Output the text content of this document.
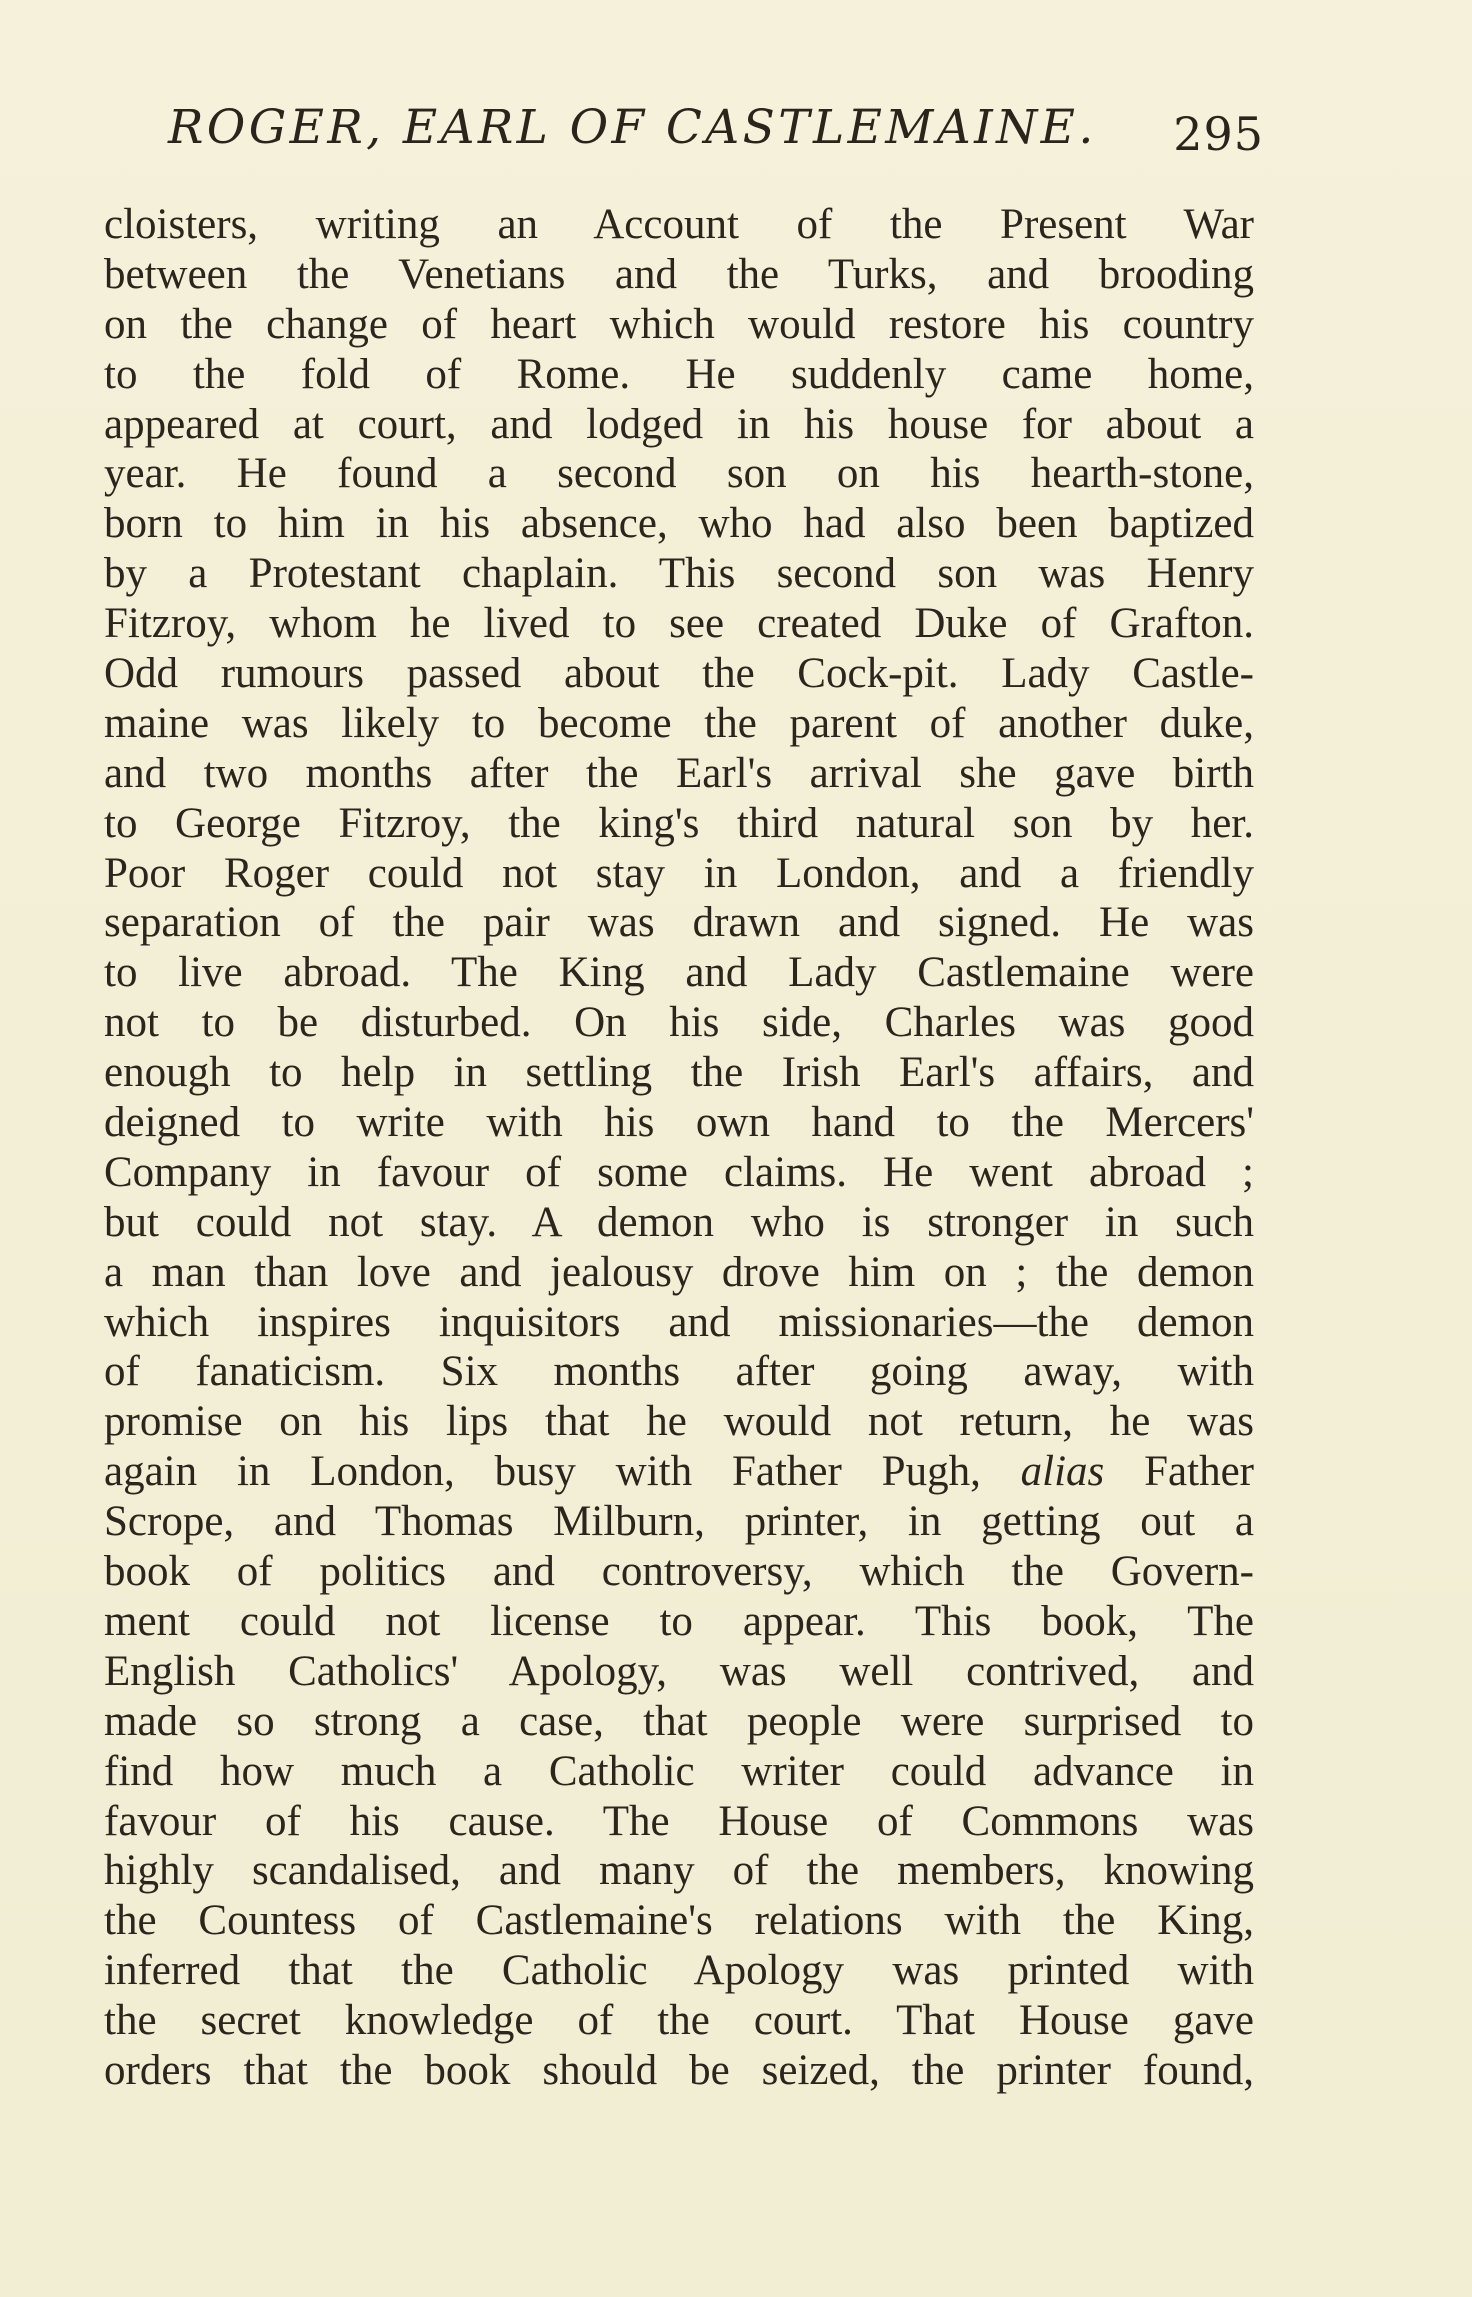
ROGER, EARL OF CASTLEMAINE. 295
cloisters, writing an Account of the Present War
between the Venetians and the Turks, and brooding
on the change of heart which would restore his country
to the fold of Rome. He suddenly came home,
appeared at court, and lodged in his house for about a
year. He found a second son on his hearth-stone,
born to him in his absence, who had also been baptized
by a Protestant chaplain. This second son was Henry
Fitzroy, whom he lived to see created Duke of Grafton.
Odd rumours passed about the Cock-pit. Lady Castle-
maine was likely to become the parent of another duke,
and two months after the Earl's arrival she gave birth
to George Fitzroy, the king's third natural son by her.
Poor Roger could not stay in London, and a friendly
separation of the pair was drawn and signed. He was
to live abroad. The King and Lady Castlemaine were
not to be disturbed. On his side, Charles was good
enough to help in settling the Irish Earl's affairs, and
deigned to write with his own hand to the Mercers'
Company in favour of some claims. He went abroad ;
but could not stay. A demon who is stronger in such
a man than love and jealousy drove him on ; the demon
which inspires inquisitors and missionaries—the demon
of fanaticism. Six months after going away, with
promise on his lips that he would not return, he was
again in London, busy with Father Pugh, alias Father
Scrope, and Thomas Milburn, printer, in getting out a
book of politics and controversy, which the Govern-
ment could not license to appear. This book, The
English Catholics' Apology, was well contrived, and
made so strong a case, that people were surprised to
find how much a Catholic writer could advance in
favour of his cause. The House of Commons was
highly scandalised, and many of the members, knowing
the Countess of Castlemaine's relations with the King,
inferred that the Catholic Apology was printed with
the secret knowledge of the court. That House gave
orders that the book should be seized, the printer found,
